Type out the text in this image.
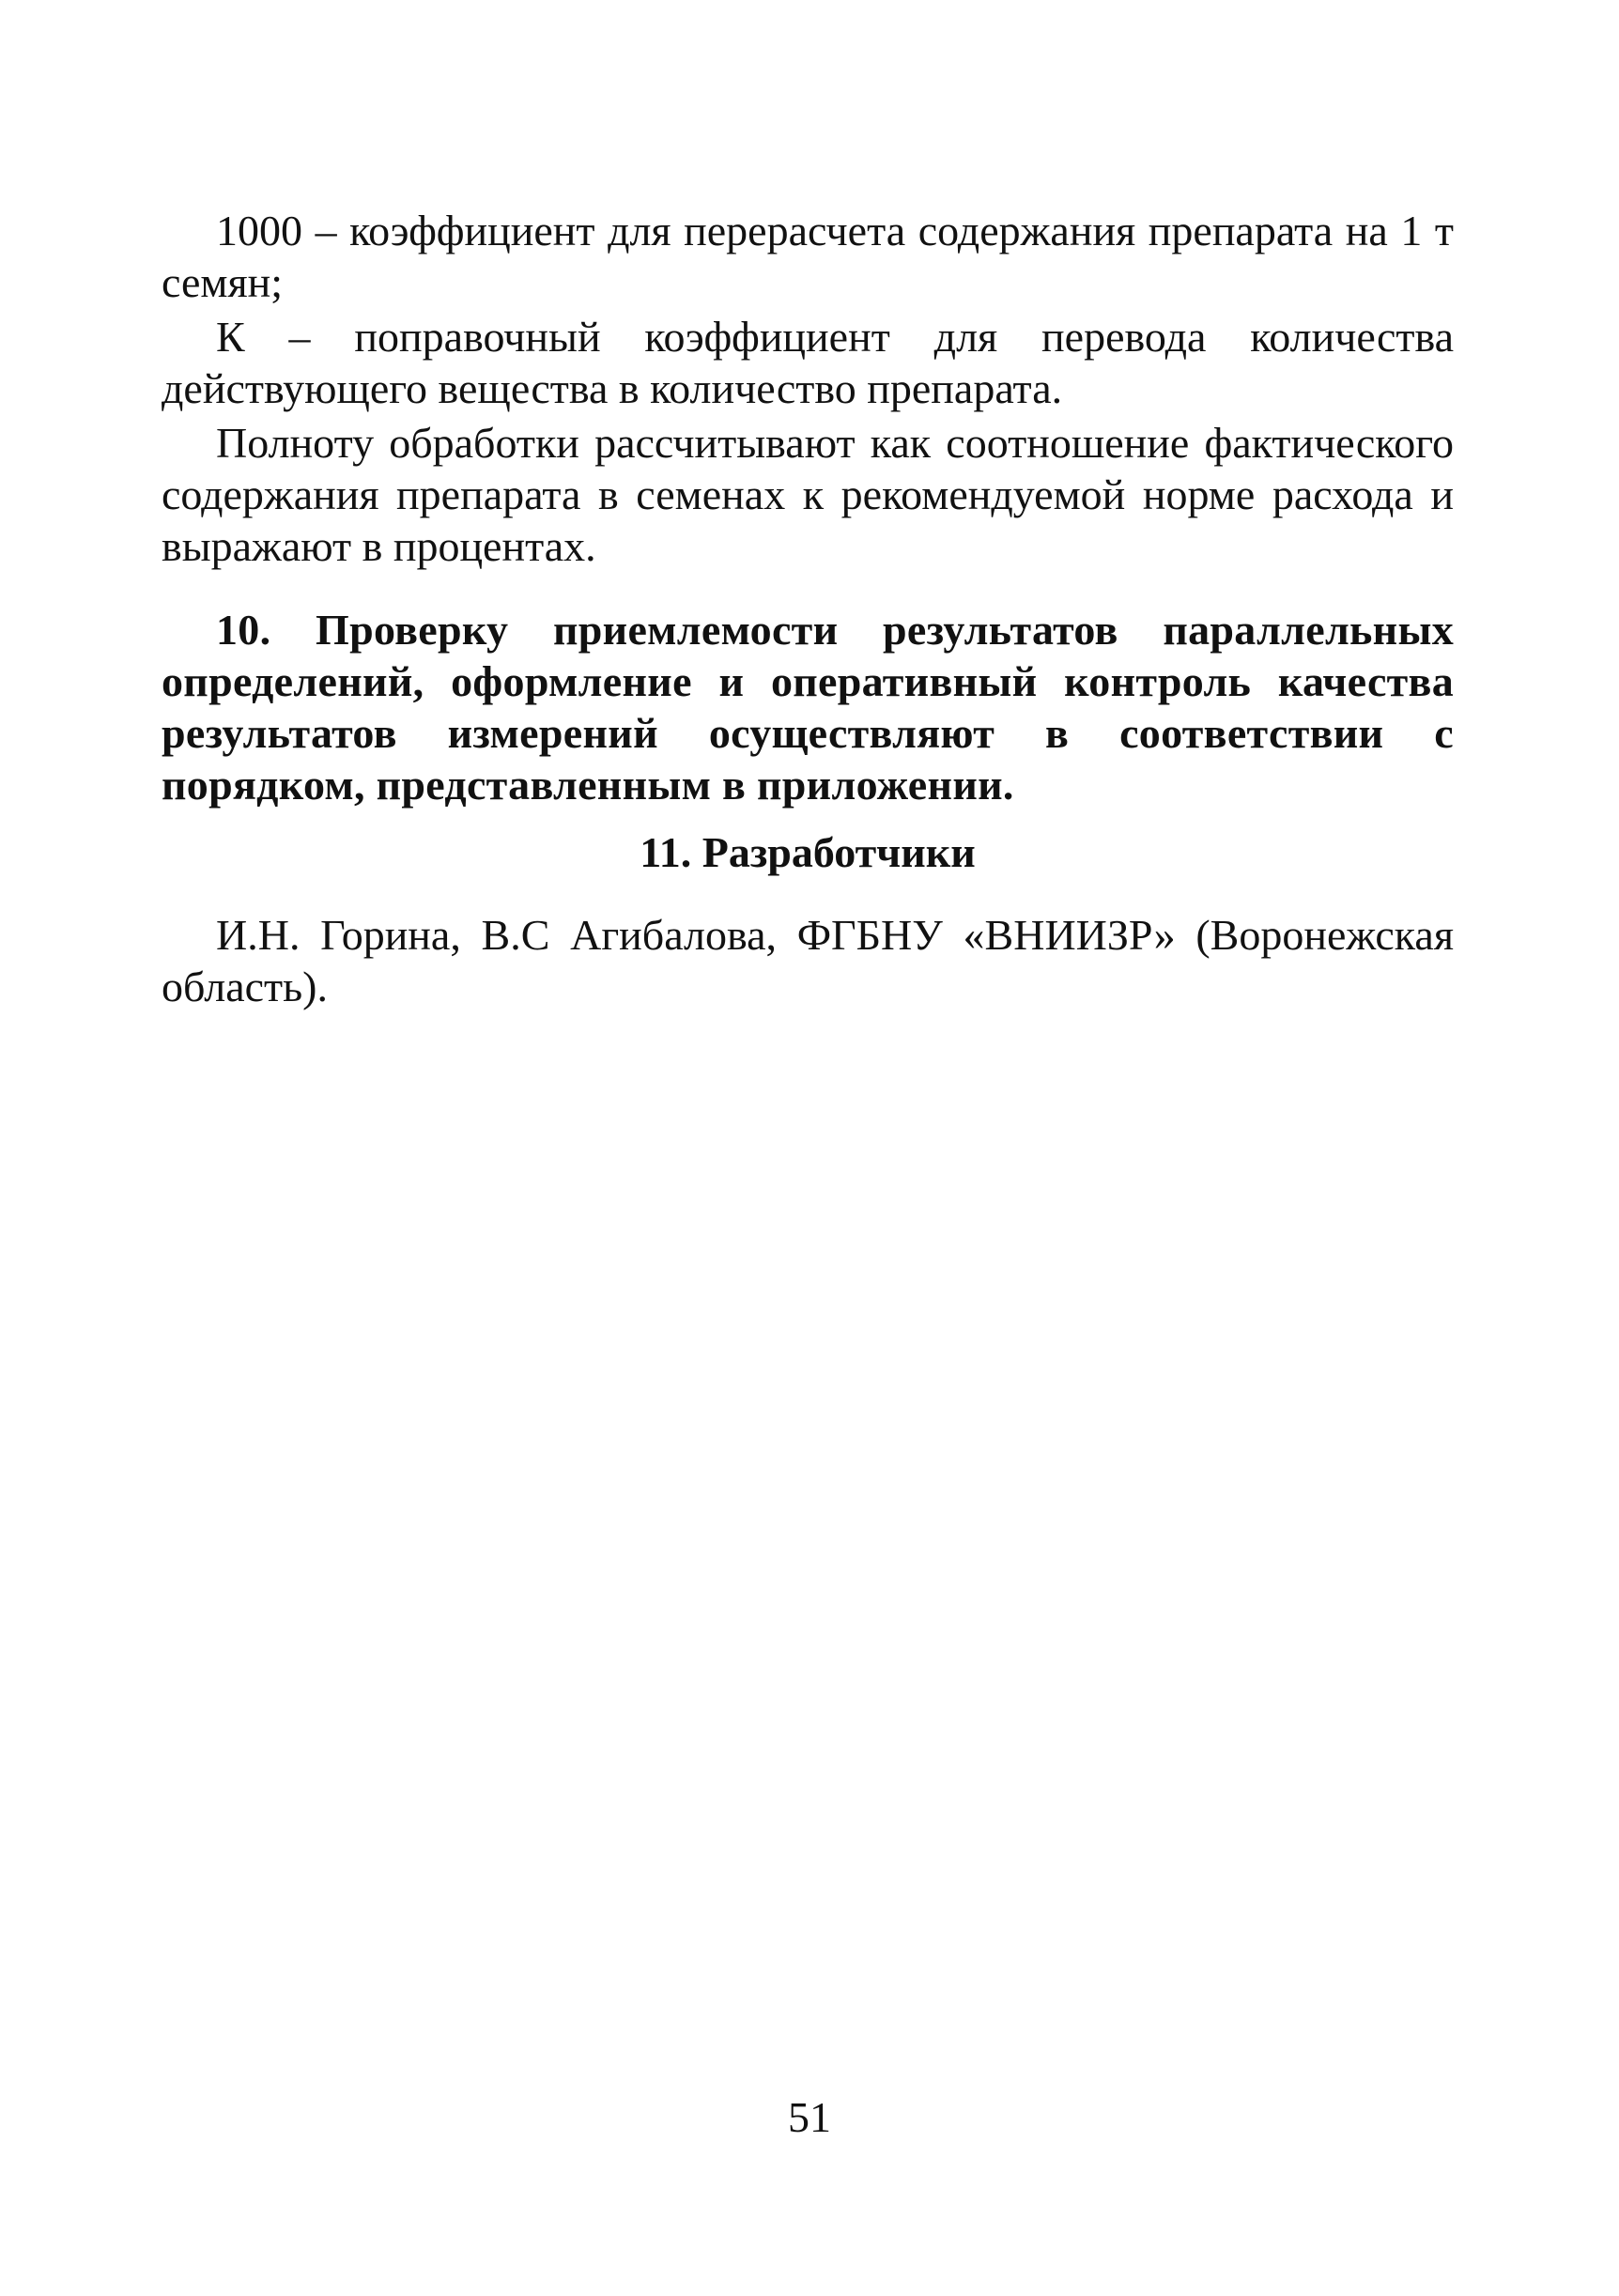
1000 – коэффициент для перерасчета содержания препарата на 1 т семян;

К – поправочный коэффициент для перевода количества действующего вещества в количество препарата.

Полноту обработки рассчитывают как соотношение фактического содержания препарата в семенах к рекомендуемой норме расхода и выражают в процентах.

10. Проверку приемлемости результатов параллельных определений, оформление и оперативный контроль качества результатов измерений осуществляют в соответствии с порядком, представленным в приложении.

11. Разработчики

И.Н. Горина, В.С Агибалова, ФГБНУ «ВНИИЗР» (Воронежская область).

51
